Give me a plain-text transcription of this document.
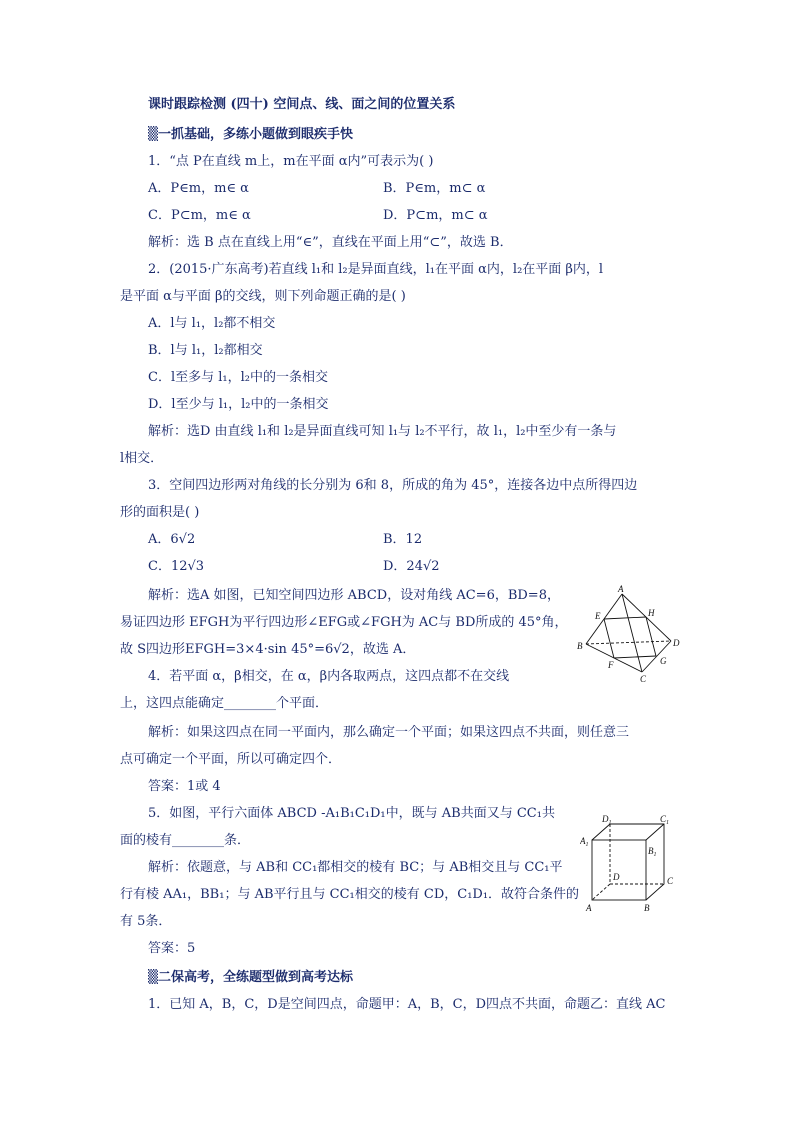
课时跟踪检测 (四十) 空间点、线、面之间的位置关系
▒一抓基础，多练小题做到眼疾手快
1．“点 P在直线 m上，m在平面 α内”可表示为( )
A．P∈m，m∈ α	B．P∈m，m⊂ α
C．P⊂m，m∈ α	D．P⊂m，m⊂ α
解析：选 B 点在直线上用“∈”，直线在平面上用“⊂”，故选 B．
2．(2015·广东高考)若直线 l₁和 l₂是异面直线，l₁在平面 α内，l₂在平面 β内，l
是平面 α与平面 β的交线，则下列命题正确的是( )
A．l与 l₁，l₂都不相交
B．l与 l₁，l₂都相交
C．l至多与 l₁，l₂中的一条相交
D．l至少与 l₁，l₂中的一条相交
解析：选D 由直线 l₁和 l₂是异面直线可知 l₁与 l₂不平行，故 l₁，l₂中至少有一条与
l相交．
3．空间四边形两对角线的长分别为 6和 8，所成的角为 45°，连接各边中点所得四边
形的面积是( )
A．6√2	B．12
C．12√3	D．24√2
解析：选A 如图，已知空间四边形 ABCD，设对角线 AC=6，BD=8，
易证四边形 EFGH为平行四边形∠EFG或∠FGH为 AC与 BD所成的 45°角，
故 S四边形EFGH=3×4·sin 45°=6√2，故选 A．
A
E	H
B	D
F	G
C
4．若平面 α，β相交，在 α，β内各取两点，这四点都不在交线
上，这四点能确定________个平面．
解析：如果这四点在同一平面内，那么确定一个平面；如果这四点不共面，则任意三
点可确定一个平面，所以可确定四个．
答案：1或 4
5．如图，平行六面体 ABCD -A₁B₁C₁D₁中，既与 AB共面又与 CC₁共
面的棱有________条．
解析：依题意，与 AB和 CC₁都相交的棱有 BC；与 AB相交且与 CC₁平
行有棱 AA₁，BB₁；与 AB平行且与 CC₁相交的棱有 CD，C₁D₁．故符合条件的
有 5条．
答案：5
$D_1$	$C_1$
$A_1$
$B_1$
D	C
A	B
▒二保高考，全练题型做到高考达标
1．已知 A，B，C，D是空间四点，命题甲：A，B，C，D四点不共面，命题乙：直线 AC
